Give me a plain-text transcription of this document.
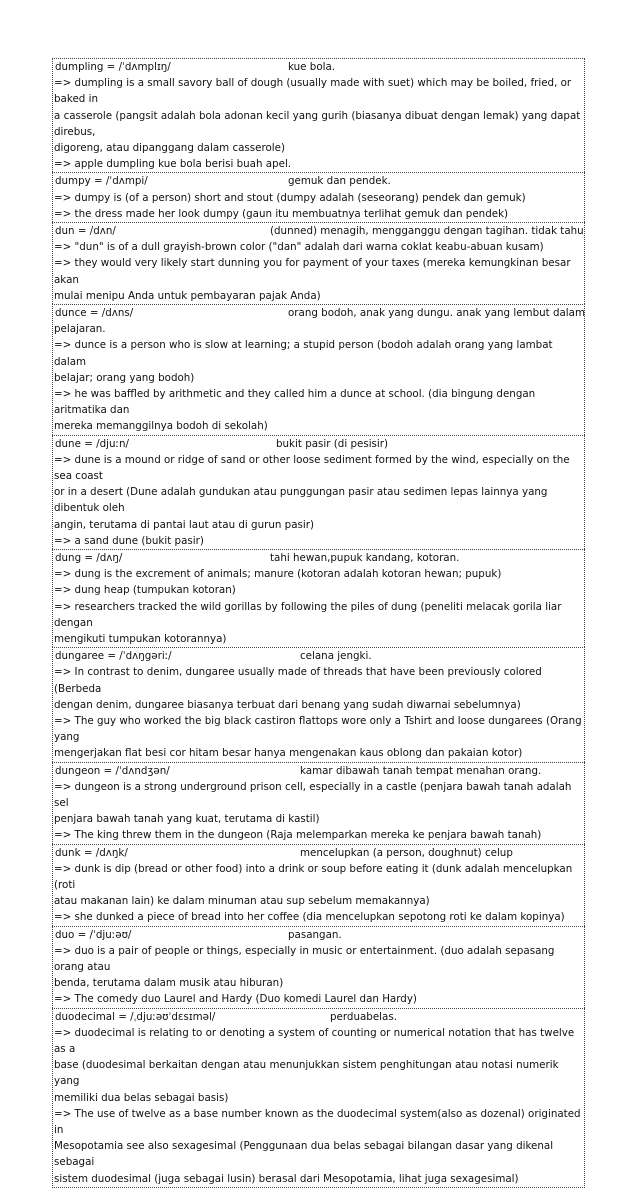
dumpling = /ˈdʌmplɪŋ/	kue bola.
=> dumpling is a small savory ball of dough (usually made with suet) which may be boiled, fried, or baked in
a casserole (pangsit adalah bola adonan kecil yang gurih (biasanya dibuat dengan lemak) yang dapat direbus,
digoreng, atau dipanggang dalam casserole)
=> apple dumpling kue bola berisi buah apel.
dumpy = /ˈdʌmpi/	gemuk dan pendek.
=> dumpy is (of a person) short and stout (dumpy adalah (seseorang) pendek dan gemuk)
=> the dress made her look dumpy (gaun itu membuatnya terlihat gemuk dan pendek)
dun = /dʌn/	(dunned) menagih, mengganggu dengan tagihan. tidak tahu
=> "dun" is of a dull grayish-brown color ("dan" adalah dari warna coklat keabu-abuan kusam)
=> they would very likely start dunning you for payment of your taxes (mereka kemungkinan besar akan
mulai menipu Anda untuk pembayaran pajak Anda)
dunce = /dʌns/	orang bodoh, anak yang dungu. anak yang lembut dalam
pelajaran.
=> dunce is a person who is slow at learning; a stupid person (bodoh adalah orang yang lambat dalam
belajar; orang yang bodoh)
=> he was baffled by arithmetic and they called him a dunce at school. (dia bingung dengan aritmatika dan
mereka memanggilnya bodoh di sekolah)
dune = /djuːn/	bukit pasir (di pesisir)
=> dune is a mound or ridge of sand or other loose sediment formed by the wind, especially on the sea coast
or in a desert (Dune adalah gundukan atau punggungan pasir atau sedimen lepas lainnya yang dibentuk oleh
angin, terutama di pantai laut atau di gurun pasir)
=> a sand dune (bukit pasir)
dung = /dʌŋ/	tahi hewan,pupuk kandang, kotoran.
=> dung is the excrement of animals; manure (kotoran adalah kotoran hewan; pupuk)
=> dung heap (tumpukan kotoran)
=> researchers tracked the wild gorillas by following the piles of dung (peneliti melacak gorila liar dengan
mengikuti tumpukan kotorannya)
dungaree = /ˈdʌŋgəriː/	celana jengki.
=> In contrast to denim, dungaree usually made of threads that have been previously colored (Berbeda
dengan denim, dungaree biasanya terbuat dari benang yang sudah diwarnai sebelumnya)
=> The guy who worked the big black castiron flattops wore only a Tshirt and loose dungarees (Orang yang
mengerjakan flat besi cor hitam besar hanya mengenakan kaus oblong dan pakaian kotor)
dungeon = /ˈdʌndʒən/	kamar dibawah tanah tempat menahan orang.
=> dungeon is a strong underground prison cell, especially in a castle (penjara bawah tanah adalah sel
penjara bawah tanah yang kuat, terutama di kastil)
=> The king threw them in the dungeon (Raja melemparkan mereka ke penjara bawah tanah)
dunk = /dʌŋk/	mencelupkan (a person, doughnut) celup
=> dunk is dip (bread or other food) into a drink or soup before eating it (dunk adalah mencelupkan (roti
atau makanan lain) ke dalam minuman atau sup sebelum memakannya)
=> she dunked a piece of bread into her coffee (dia mencelupkan sepotong roti ke dalam kopinya)
duo = /ˈdjuːəʊ/	pasangan.
=> duo is a pair of people or things, especially in music or entertainment. (duo adalah sepasang orang atau
benda, terutama dalam musik atau hiburan)
=> The comedy duo Laurel and Hardy (Duo komedi Laurel dan Hardy)
duodecimal = /ˌdjuːəʊˈdɛsɪməl/	perduabelas.
=> duodecimal is relating to or denoting a system of counting or numerical notation that has twelve as a
base (duodesimal berkaitan dengan atau menunjukkan sistem penghitungan atau notasi numerik yang
memiliki dua belas sebagai basis)
=> The use of twelve as a base number known as the duodecimal system(also as dozenal) originated in
Mesopotamia see also sexagesimal (Penggunaan dua belas sebagai bilangan dasar yang dikenal sebagai
sistem duodesimal (juga sebagai lusin) berasal dari Mesopotamia, lihat juga sexagesimal)
